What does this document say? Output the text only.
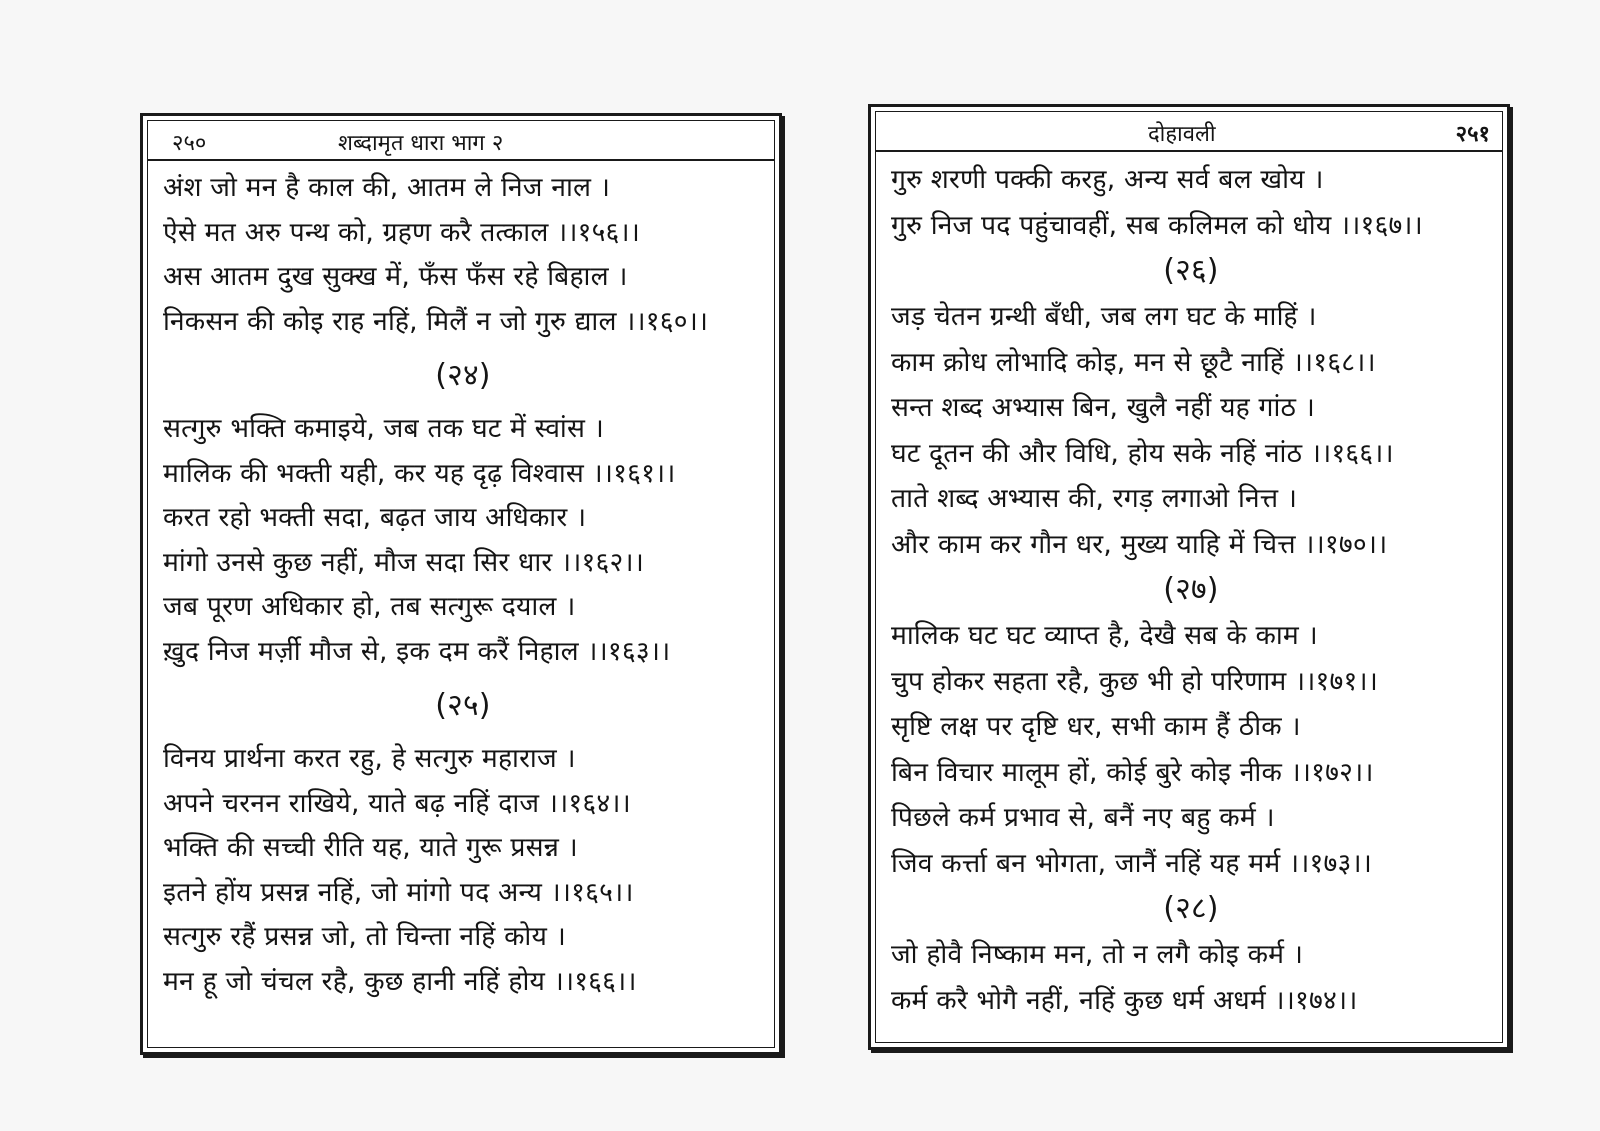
२५०	शब्दामृत धारा भाग २
अंश जो मन है काल की, आतम ले निज नाल ।
ऐसे मत अरु पन्थ को, ग्रहण करै तत्काल ।।१५६।।
अस आतम दुख सुक्ख में, फँस फँस रहे बिहाल ।
निकसन की कोइ राह नहिं, मिलैं न जो गुरु द्याल ।।१६०।।
(२४)
सत्गुरु भक्ति कमाइये, जब तक घट में स्वांस ।
मालिक की भक्ती यही, कर यह दृढ़ विश्वास ।।१६१।।
करत रहो भक्ती सदा, बढ़त जाय अधिकार ।
मांगो उनसे कुछ नहीं, मौज सदा सिर धार ।।१६२।।
जब पूरण अधिकार हो, तब सत्गुरू दयाल ।
ख़ुद निज मर्ज़ी मौज से, इक दम करैं निहाल ।।१६३।।
(२५)
विनय प्रार्थना करत रहु, हे सत्गुरु महाराज ।
अपने चरनन राखिये, याते बढ़ नहिं दाज ।।१६४।।
भक्ति की सच्ची रीति यह, याते गुरू प्रसन्न ।
इतने होंय प्रसन्न नहिं, जो मांगो पद अन्य ।।१६५।।
सत्गुरु रहैं प्रसन्न जो, तो चिन्ता नहिं कोय ।
मन हू जो चंचल रहै, कुछ हानी नहिं होय ।।१६६।।
दोहावली	२५१
गुरु शरणी पक्की करहु, अन्य सर्व बल खोय ।
गुरु निज पद पहुंचावहीं, सब कलिमल को धोय ।।१६७।।
(२६)
जड़ चेतन ग्रन्थी बँधी, जब लग घट के माहिं ।
काम क्रोध लोभादि कोइ, मन से छूटै नाहिं ।।१६८।।
सन्त शब्द अभ्यास बिन, खुलै नहीं यह गांठ ।
घट दूतन की और विधि, होय सके नहिं नांठ ।।१६६।।
ताते शब्द अभ्यास की, रगड़ लगाओ नित्त ।
और काम कर गौन धर, मुख्य याहि में चित्त ।।१७०।।
(२७)
मालिक घट घट व्याप्त है, देखै सब के काम ।
चुप होकर सहता रहै, कुछ भी हो परिणाम ।।१७१।।
सृष्टि लक्ष पर दृष्टि धर, सभी काम हैं ठीक ।
बिन विचार मालूम हों, कोई बुरे कोइ नीक ।।१७२।।
पिछले कर्म प्रभाव से, बनैं नए बहु कर्म ।
जिव कर्त्ता बन भोगता, जानैं नहिं यह मर्म ।।१७३।।
(२८)
जो होवै निष्काम मन, तो न लगै कोइ कर्म ।
कर्म करै भोगै नहीं, नहिं कुछ धर्म अधर्म ।।१७४।।
